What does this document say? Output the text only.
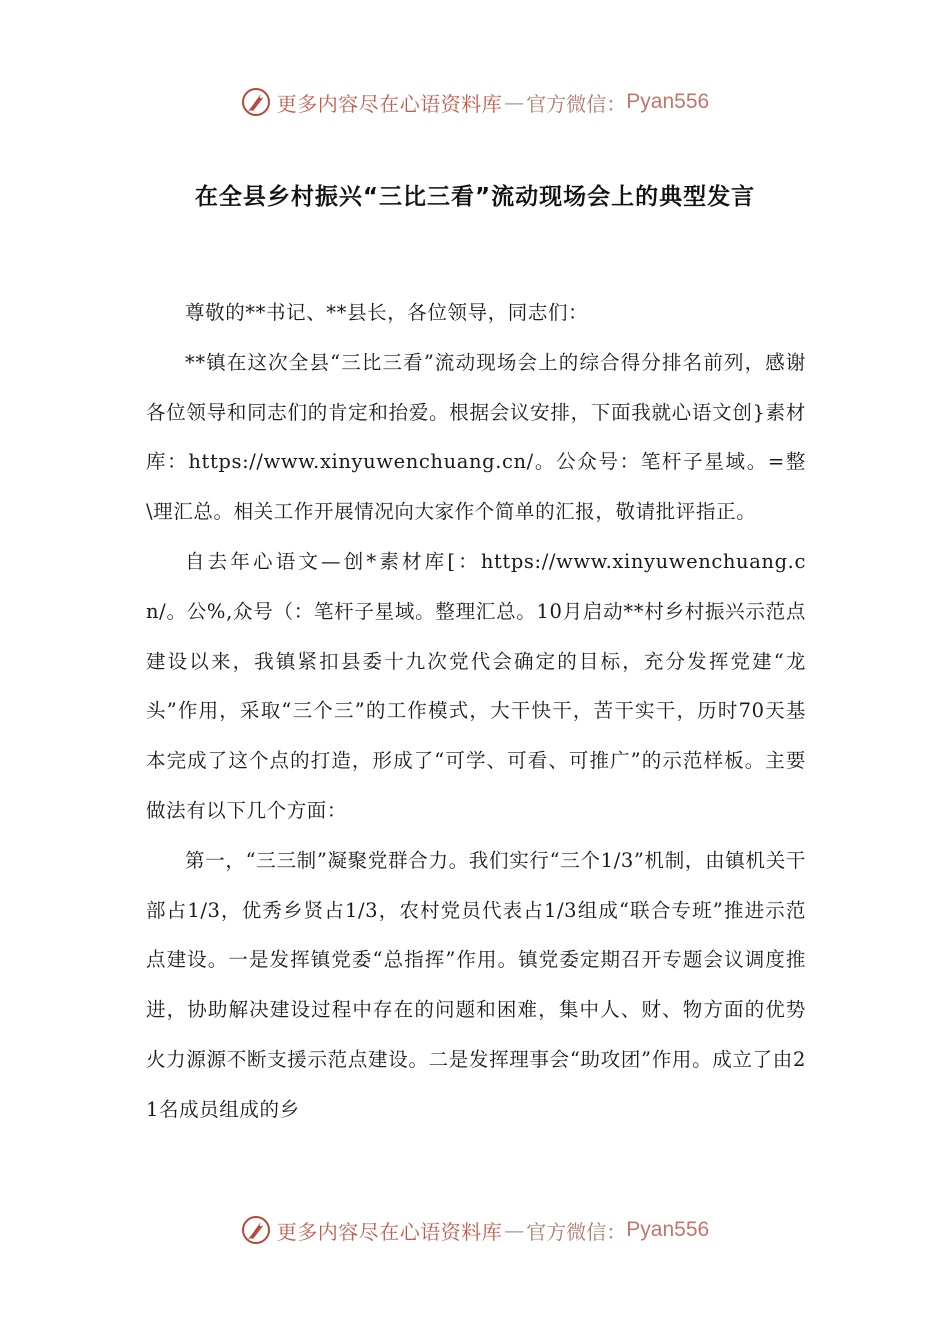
更多内容尽在心语资料库 — 官方微信： Pyan556
在全县乡村振兴“三比三看”流动现场会上的典型发言

尊敬的**书记、**县长，各位领导，同志们：

**镇在这次全县“三比三看”流动现场会上的综合得分排名前列，感谢各位领导和同志们的肯定和抬爱。根据会议安排，下面我就心语文创}素材库：https://www.xinyuwenchuang.cn/。公众号：笔杆子星域。=整\理汇总。相关工作开展情况向大家作个简单的汇报，敬请批评指正。

自去年心语文—创*素材库[：https://www.xinyuwenchuang.cn/。公%,众号（：笔杆子星域。整理汇总。10月启动**村乡村振兴示范点建设以来，我镇紧扣县委十九次党代会确定的目标，充分发挥党建“龙头”作用，采取“三个三”的工作模式，大干快干，苦干实干，历时70天基本完成了这个点的打造，形成了“可学、可看、可推广”的示范样板。主要做法有以下几个方面：

第一，“三三制”凝聚党群合力。我们实行“三个1/3”机制，由镇机关干部占1/3，优秀乡贤占1/3，农村党员代表占1/3组成“联合专班”推进示范点建设。一是发挥镇党委“总指挥”作用。镇党委定期召开专题会议调度推进，协助解决建设过程中存在的问题和困难，集中人、财、物方面的优势火力源源不断支援示范点建设。二是发挥理事会“助攻团”作用。成立了由21名成员组成的乡

更多内容尽在心语资料库 — 官方微信： Pyan556
